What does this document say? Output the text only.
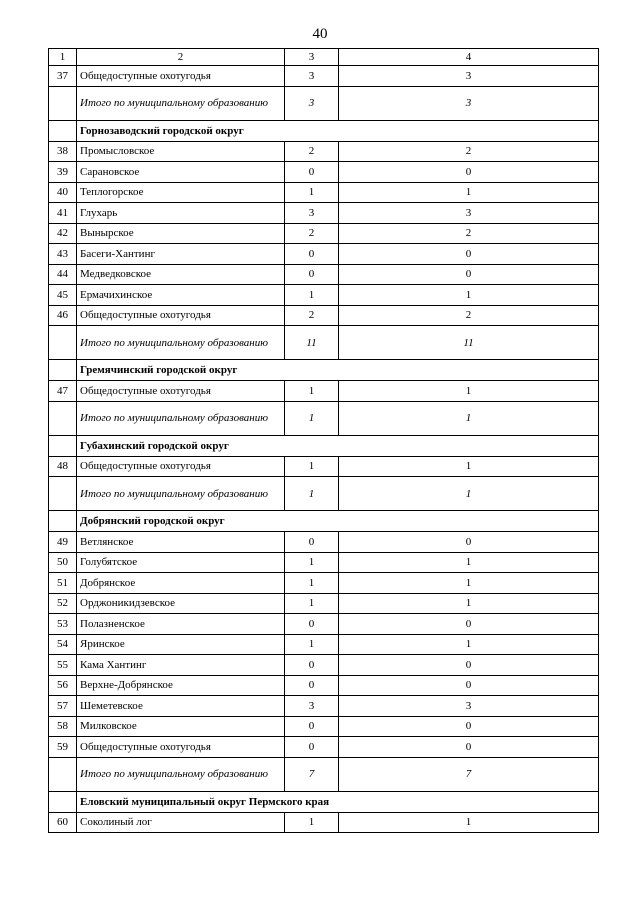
40
1	2	3	4
37	Общедоступные охотугодья	3	3
	Итого по муниципальному образованию	3	3
	Горнозаводский городской округ		
38	Промысловское	2	2
39	Сарановское	0	0
40	Теплогорское	1	1
41	Глухарь	3	3
42	Вынырское	2	2
43	Басеги-Хантинг	0	0
44	Медведковское	0	0
45	Ермачихинское	1	1
46	Общедоступные охотугодья	2	2
	Итого по муниципальному образованию	11	11
	Гремячинский городской округ		
47	Общедоступные охотугодья	1	1
	Итого по муниципальному образованию	1	1
	Губахинский городской округ		
48	Общедоступные охотугодья	1	1
	Итого по муниципальному образованию	1	1
	Добрянский городской округ		
49	Ветлянское	0	0
50	Голубятское	1	1
51	Добрянское	1	1
52	Орджоникидзевское	1	1
53	Полазненское	0	0
54	Яринское	1	1
55	Кама Хантинг	0	0
56	Верхне-Добрянское	0	0
57	Шеметевское	3	3
58	Милковское	0	0
59	Общедоступные охотугодья	0	0
	Итого по муниципальному образованию	7	7
	Еловский муниципальный округ Пермского края		
60	Соколиный лог	1	1
